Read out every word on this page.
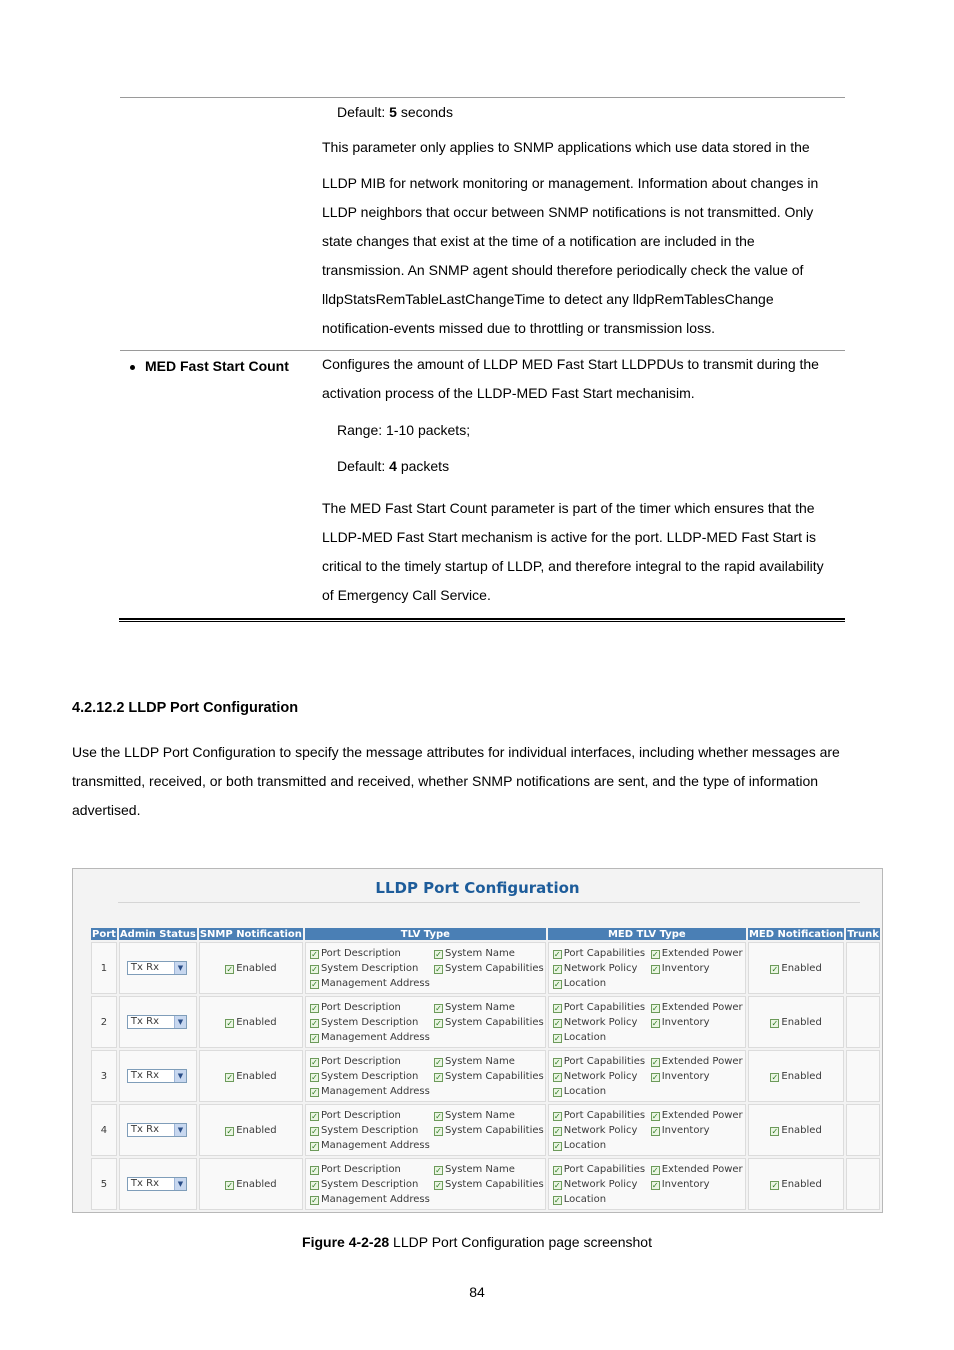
Default: 5 seconds
This parameter only applies to SNMP applications which use data stored in the
LLDP MIB for network monitoring or management. Information about changes in
LLDP neighbors that occur between SNMP notifications is not transmitted. Only
state changes that exist at the time of a notification are included in the
transmission. An SNMP agent should therefore periodically check the value of
lldpStatsRemTableLastChangeTime to detect any lldpRemTablesChange
notification-events missed due to throttling or transmission loss.
MED Fast Start Count Configures the amount of LLDP MED Fast Start LLDPDUs to transmit during the
activation process of the LLDP-MED Fast Start mechanisim.
Range: 1-10 packets;
Default: 4 packets
The MED Fast Start Count parameter is part of the timer which ensures that the
LLDP-MED Fast Start mechanism is active for the port. LLDP-MED Fast Start is
critical to the timely startup of LLDP, and therefore integral to the rapid availability
of Emergency Call Service.
4.2.12.2 LLDP Port Configuration
Use the LLDP Port Configuration to specify the message attributes for individual interfaces, including whether messages are
transmitted, received, or both transmitted and received, whether SNMP notifications are sent, and the type of information
advertised.
LLDP Port Configuration
Port	Admin Status	SNMP Notification	TLV Type	MED TLV Type	MED Notification	Trunk
1	Tx Rx ▼	✓ Enabled	✓ Port Description ✓ System Name
✓ System Description ✓ System Capabilities
✓ Management Address	✓ Port Capabilities ✓ Extended Power
✓ Network Policy ✓ Inventory
✓ Location	✓ Enabled	
2	Tx Rx ▼	✓ Enabled	✓ Port Description ✓ System Name
✓ System Description ✓ System Capabilities
✓ Management Address	✓ Port Capabilities ✓ Extended Power
✓ Network Policy ✓ Inventory
✓ Location	✓ Enabled	
3	Tx Rx ▼	✓ Enabled	✓ Port Description ✓ System Name
✓ System Description ✓ System Capabilities
✓ Management Address	✓ Port Capabilities ✓ Extended Power
✓ Network Policy ✓ Inventory
✓ Location	✓ Enabled	
4	Tx Rx ▼	✓ Enabled	✓ Port Description ✓ System Name
✓ System Description ✓ System Capabilities
✓ Management Address	✓ Port Capabilities ✓ Extended Power
✓ Network Policy ✓ Inventory
✓ Location	✓ Enabled	
5	Tx Rx ▼	✓ Enabled	✓ Port Description ✓ System Name
✓ System Description ✓ System Capabilities
✓ Management Address	✓ Port Capabilities ✓ Extended Power
✓ Network Policy ✓ Inventory
✓ Location	✓ Enabled	
Figure 4-2-28 LLDP Port Configuration page screenshot
84
